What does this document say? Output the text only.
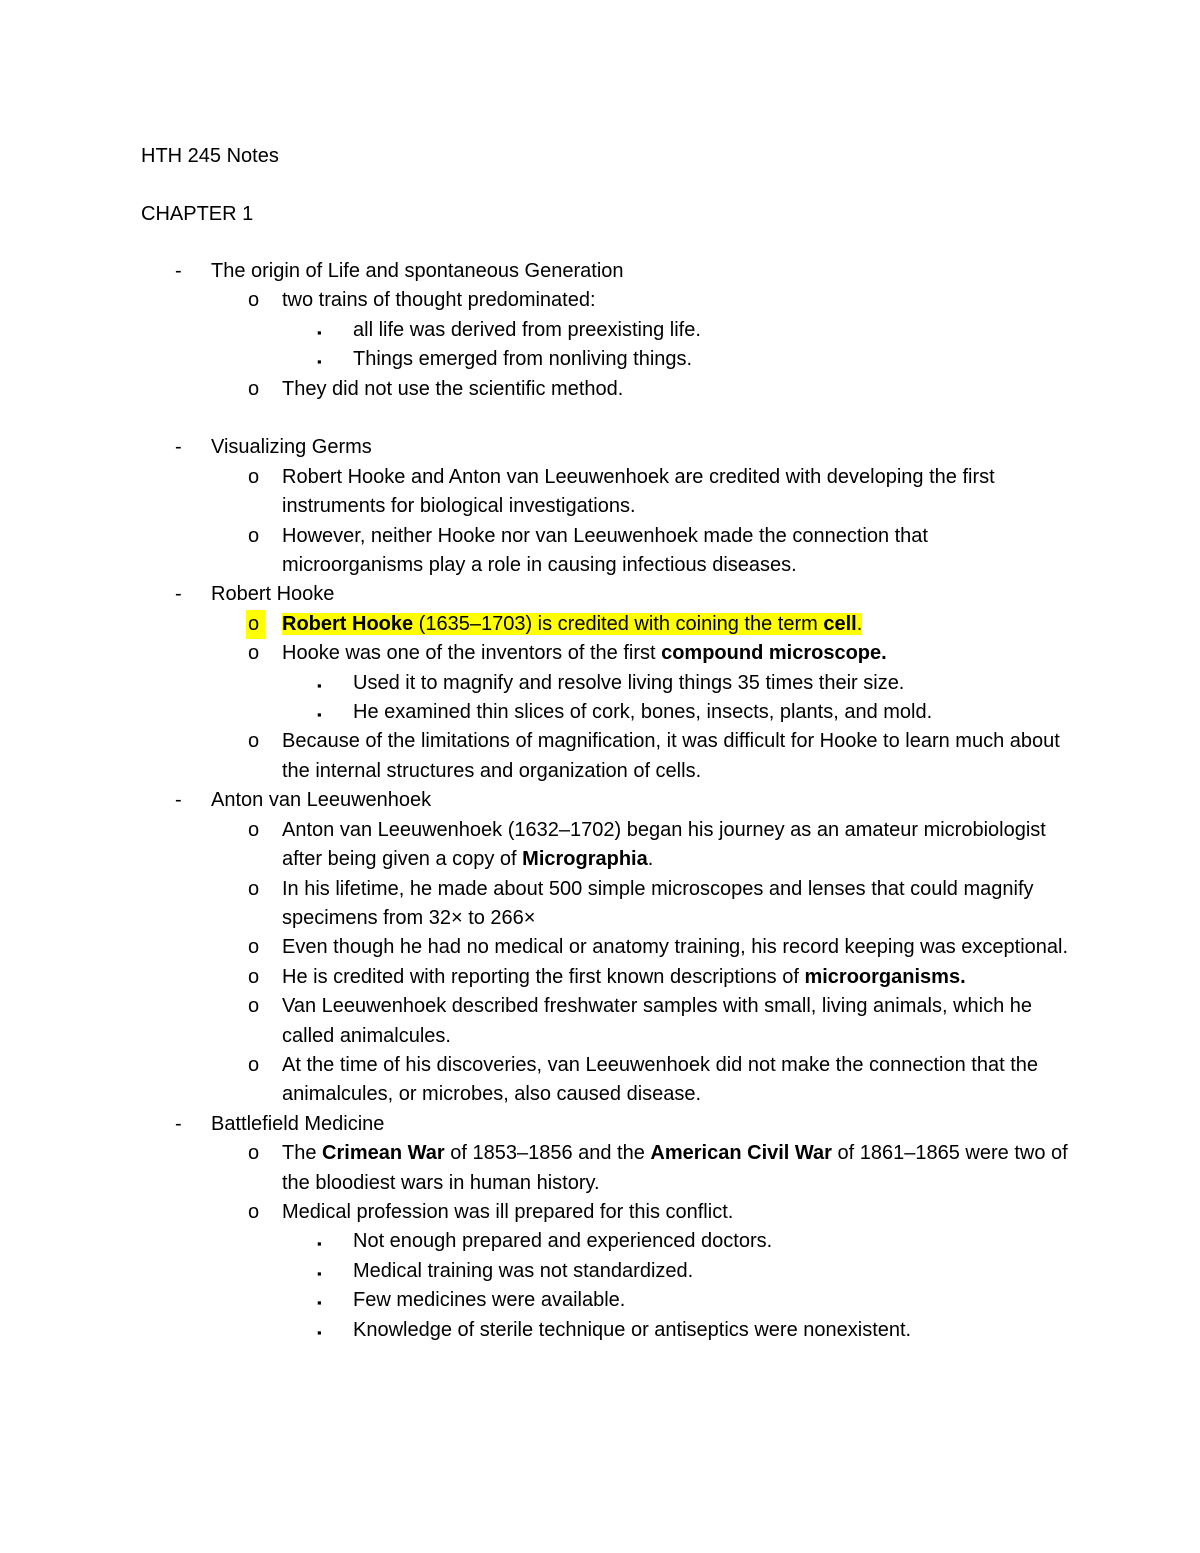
HTH 245 Notes
CHAPTER 1
- The origin of Life and spontaneous Generation
o two trains of thought predominated:
▪ all life was derived from preexisting life.
▪ Things emerged from nonliving things.
o They did not use the scientific method.
- Visualizing Germs
o Robert Hooke and Anton van Leeuwenhoek are credited with developing the first instruments for biological investigations.
o However, neither Hooke nor van Leeuwenhoek made the connection that microorganisms play a role in causing infectious diseases.
- Robert Hooke
o	Robert Hooke (1635–1703) is credited with coining the term cell.
o Hooke was one of the inventors of the first compound microscope.
▪ Used it to magnify and resolve living things 35 times their size.
▪ He examined thin slices of cork, bones, insects, plants, and mold.
o Because of the limitations of magnification, it was difficult for Hooke to learn much about the internal structures and organization of cells.
- Anton van Leeuwenhoek
o Anton van Leeuwenhoek (1632–1702) began his journey as an amateur microbiologist after being given a copy of Micrographia.
o In his lifetime, he made about 500 simple microscopes and lenses that could magnify specimens from 32× to 266×
o Even though he had no medical or anatomy training, his record keeping was exceptional.
o He is credited with reporting the first known descriptions of microorganisms.
o Van Leeuwenhoek described freshwater samples with small, living animals, which he called animalcules.
o At the time of his discoveries, van Leeuwenhoek did not make the connection that the animalcules, or microbes, also caused disease.
- Battlefield Medicine
o The Crimean War of 1853–1856 and the American Civil War of 1861–1865 were two of the bloodiest wars in human history.
o Medical profession was ill prepared for this conflict.
▪ Not enough prepared and experienced doctors.
▪ Medical training was not standardized.
▪ Few medicines were available.
▪ Knowledge of sterile technique or antiseptics were nonexistent.
